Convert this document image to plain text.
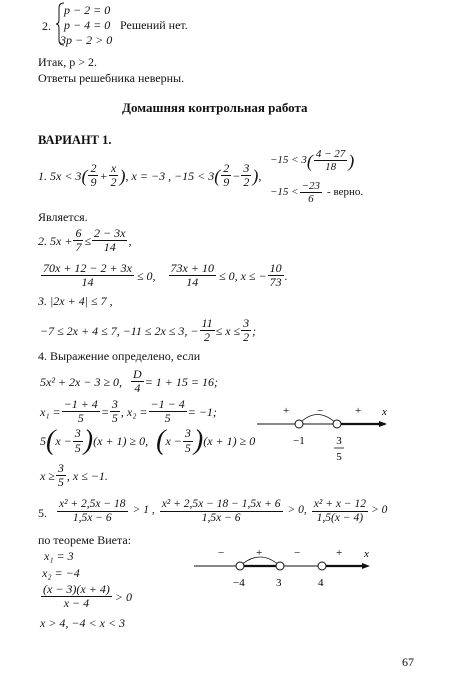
2.
p − 2 = 0
p − 4 = 0
3p − 2 > 0
Решений нет.
Итак, p > 2.
Ответы решебника неверны.
Домашняя контрольная работа
ВАРИАНТ 1.
1. 5x < 3 ( $\frac{2}{9} + \frac{x}{2}$ ) , x = −3 , −15 < 3 ( $\frac{2}{9} - \frac{3}{2}$ ) ,
−15 < 3 ( $\frac{4 - 27}{18}$ )
$-15 < \frac{-23}{6}$ - верно.
Является.
2. $5x + \frac{6}{7} \le \frac{2 - 3x}{14}$ ,
$\frac{70x + 12 - 2 + 3x}{14} \le 0$, $\frac{73x + 10}{14} \le 0$, x ≤ − $\frac{10}{73}$ .
3. |2x + 4| ≤ 7 ,
−7 ≤ 2x + 4 ≤ 7, −11 ≤ 2x ≤ 3, − $\frac{11}{2} \le x \le \frac{3}{2}$ ;
4. Выражение определено, если
5x² + 2x − 3 ≥ 0, $\frac{D}{4} = 1 + 15 = 16$;
$x_1 = \frac{-1 + 4}{5} = \frac{3}{5}$ , $x_2 = \frac{-1 - 4}{5} = -1$;
5 ( $x - \frac{3}{5}$ ) (x + 1) ≥ 0, ( $x - \frac{3}{5}$ ) (x + 1) ≥ 0
$x \ge \frac{3}{5}$ , x ≤ −1.
+	−	+ x
−1	3
5
5. $\frac{\text{x² + 2,5x − 18}}{1,5x - 6} > 1$ , $\frac{\text{x² + 2,5x − 18 − 1,5x + 6}}{1,5x - 6} > 0$, $\frac{\text{x² + x − 12}}{1,5(x - 4)} > 0$
по теореме Виета:
x₁ = 3
x₂ = −4
$\frac{(x - 3)(x + 4)}{x - 4} > 0$
x > 4, −4 < x < 3
−	+	−	+ x
−4	3	4
67
